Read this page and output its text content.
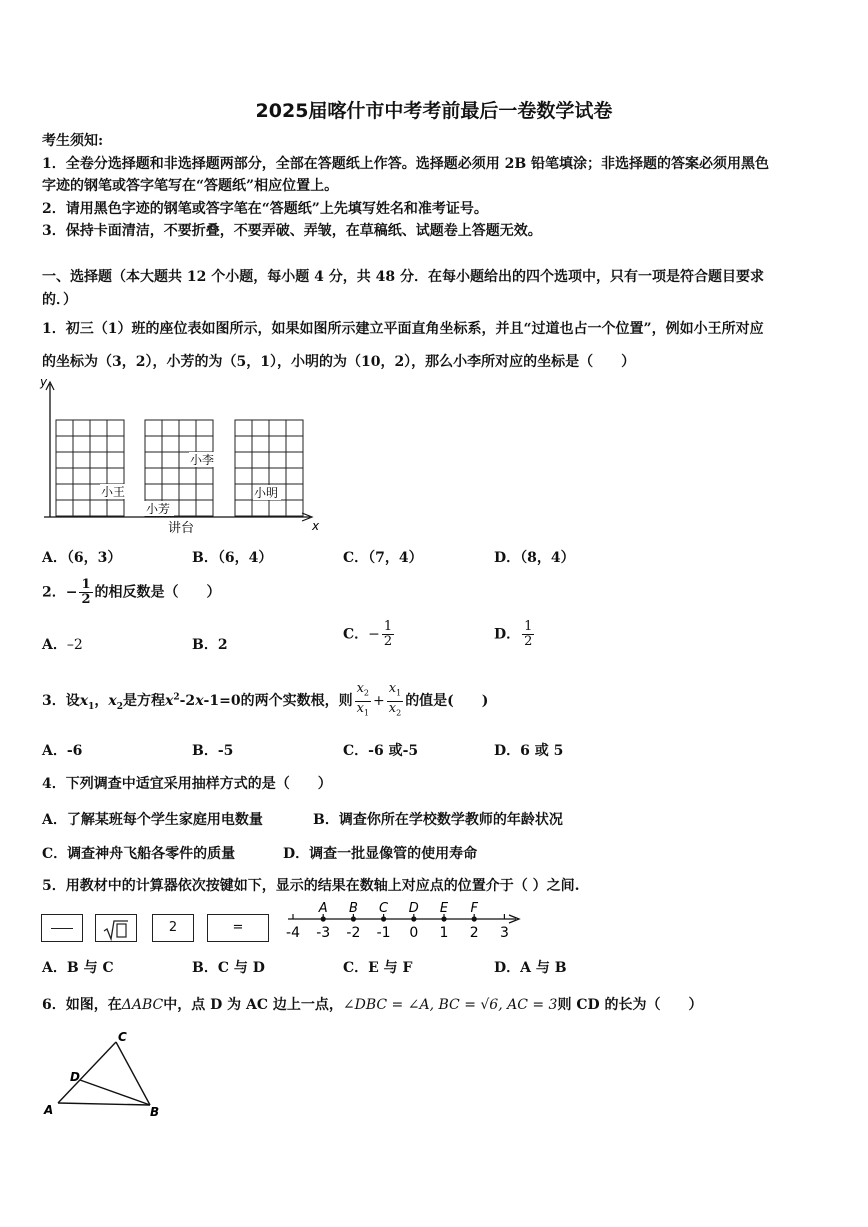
2025届喀什市中考考前最后一卷数学试卷
考生须知:
1．全卷分选择题和非选择题两部分，全部在答题纸上作答。选择题必须用 2B 铅笔填涂；非选择题的答案必须用黑色
字迹的钢笔或答字笔写在“答题纸”相应位置上。
2．请用黑色字迹的钢笔或答字笔在“答题纸”上先填写姓名和准考证号。
3．保持卡面清洁，不要折叠，不要弄破、弄皱，在草稿纸、试题卷上答题无效。
一、选择题（本大题共 12 个小题，每小题 4 分，共 48 分．在每小题给出的四个选项中，只有一项是符合题目要求
的．）
1．初三（1）班的座位表如图所示，如果如图所示建立平面直角坐标系，并且“过道也占一个位置”，例如小王所对应
的坐标为（3，2），小芳的为（5，1），小明的为（10，2），那么小李所对应的坐标是（　　）
y
x
小王
小芳
小李
小明
讲台
A．（6，3）	B．（6，4）	C．（7，4）	D．（8，4）
2．− $\frac{1}{2}$ 的相反数是（　　）
A．–2	B．2
C．− $\frac{1}{2}$	D． $\frac{1}{2}$
3．设$x_1$，$x_2$是方程$x^2-2x-1=0$的两个实数根，则 $\frac{x_2}{x_1} + \frac{x_1}{x_2}$ 的值是(　　)
A．-6	B．-5	C．-6 或-5	D．6 或 5
4．下列调查中适宜采用抽样方式的是（　　）
A．了解某班每个学生家庭用电数量	B．调查你所在学校数学教师的年龄状况
C．调查神舟飞船各零件的质量	D．调查一批显像管的使用寿命
5．用教材中的计算器依次按键如下，显示的结果在数轴上对应点的位置介于（ ）之间.
2	=	-4 -3 -2 -1 0 1 2 3
A B C D E F
A．B 与 C	B．C 与 D	C．E 与 F	D．A 与 B
6．如图，在ΔABC中，点 D 为 AC 边上一点，∠DBC = ∠A, BC = √6, AC = 3则 CD 的长为（　　）
C
D
A	B
